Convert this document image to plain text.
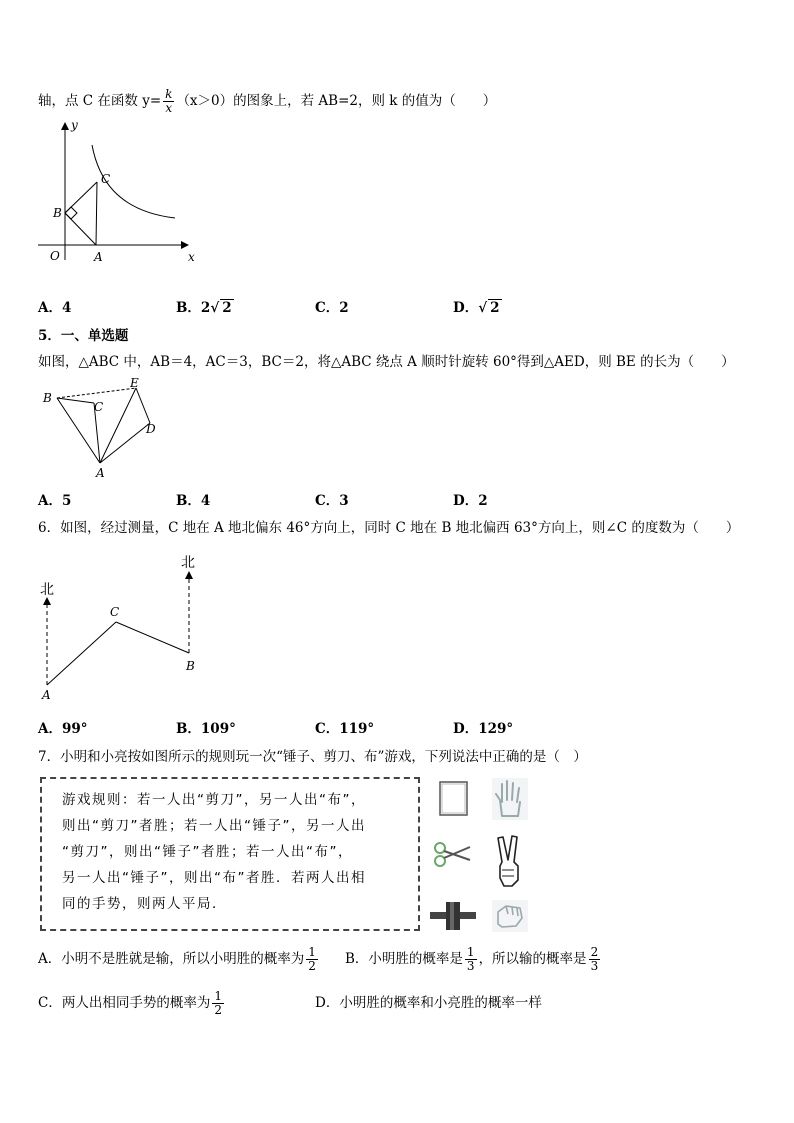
轴，点 C 在函数 $y= \frac{k}{x} (x>0)$的图象上，若 AB=2，则 k 的值为（　　）
y
x
O	A
B
C
A．4	B．2√ 2	C．2	D．√ 2
5．一、单选题
如图，△ABC 中，AB＝4，AC＝3，BC＝2，将△ABC 绕点 A 顺时针旋转 60°得到△AED，则 BE 的长为（　　）
B
C
E
D
A
A．5	B．4	C．3	D．2
6．如图，经过测量，C 地在 A 地北偏东 46°方向上，同时 C 地在 B 地北偏西 63°方向上，则∠C 的度数为（　　）
北
北
A
B
C
A．99°	B．109°	C．119°	D．129°
7．小明和小亮按如图所示的规则玩一次“锤子、剪刀、布”游戏，下列说法中正确的是（　）
游戏规则：若一人出“剪刀”，另一人出“布”，
则出“剪刀”者胜；若一人出“锤子”，另一人出
“剪刀”，则出“锤子”者胜；若一人出“布”，
另一人出“锤子”，则出“布”者胜．若两人出相
同的手势，则两人平局．
A．小明不是胜就是输，所以小明胜的概率为 $\frac{1}{2}$ B．小明胜的概率是 $\frac{1}{3}$ ，所以输的概率是 $\frac{2}{3}$
C．两人出相同手势的概率为 $\frac{1}{2}$	D．小明胜的概率和小亮胜的概率一样
